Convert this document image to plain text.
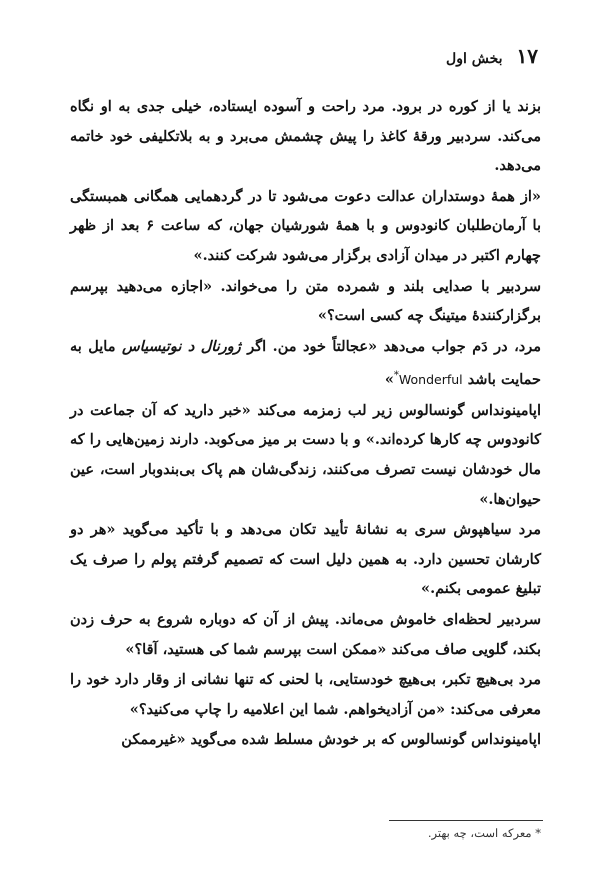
۱۷
بخش اول

بزند یا از کوره در برود. مرد راحت و آسوده ایستاده، خیلی جدی به او نگاه می‌کند. سردبیر ورقهٔ کاغذ را پیش چشمش می‌برد و به بلاتکلیفی خود خاتمه می‌دهد.

«از همهٔ دوستداران عدالت دعوت می‌شود تا در گردهمایی همگانی همبستگی با آرمان‌طلبان کانودوس و با همهٔ شورشیان جهان، که ساعت ۶ بعد از ظهر چهارم اکتبر در میدان آزادی برگزار می‌شود شرکت کنند.»

سردبیر با صدایی بلند و شمرده متن را می‌خواند. «اجازه می‌دهید بپرسم برگزارکنندهٔ میتینگ چه کسی است؟»

مرد، در دَم جواب می‌دهد «عجالتاً خود من. اگر ژورنال د نوتیسیاس مایل به حمایت باشد Wonderful*»

اپامینونداس گونسالوس زیر لب زمزمه می‌کند «خبر دارید که آن جماعت در کانودوس چه کارها کرده‌اند.» و با دست بر میز می‌کوبد. دارند زمین‌هایی را که مال خودشان نیست تصرف می‌کنند، زندگی‌شان هم پاک بی‌بندوبار است، عین حیوان‌ها.»

مرد سیاهپوش سری به نشانهٔ تأیید تکان می‌دهد و با تأکید می‌گوید «هر دو کارشان تحسین دارد. به همین دلیل است که تصمیم گرفتم پولم را صرف یک تبلیغ عمومی بکنم.»

سردبیر لحظه‌ای خاموش می‌ماند. پیش از آن که دوباره شروع به حرف زدن بکند، گلویی صاف می‌کند «ممکن است بپرسم شما کی هستید، آقا؟»

مرد بی‌هیچ تکبر، بی‌هیچ خودستایی، با لحنی که تنها نشانی از وقار دارد خود را معرفی می‌کند: «من آزادیخواهم. شما این اعلامیه را چاپ می‌کنید؟»

اپامینونداس گونسالوس که بر خودش مسلط شده می‌گوید «غیرممکن

* معرکه است، چه بهتر.
